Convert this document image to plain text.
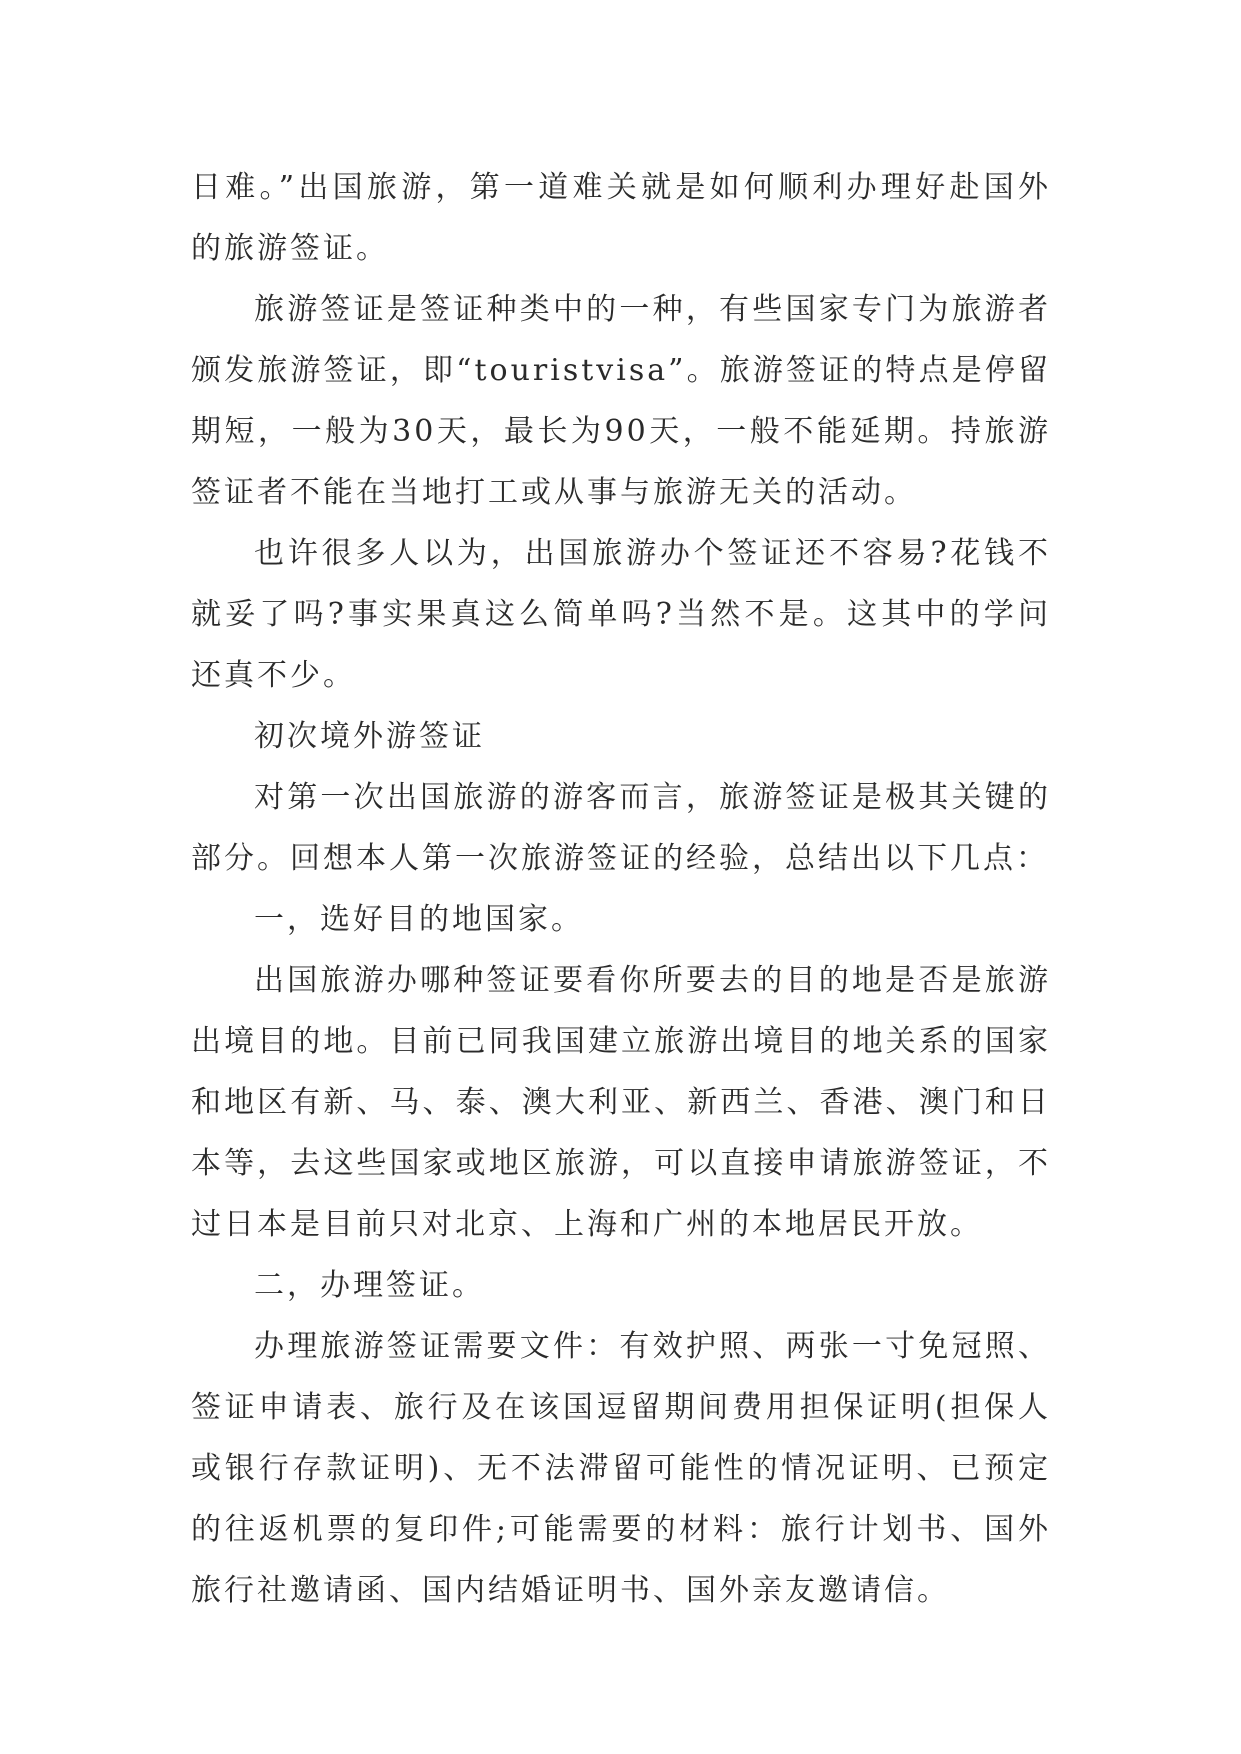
日难。”出国旅游，第一道难关就是如何顺利办理好赴国外的旅游签证。

旅游签证是签证种类中的一种，有些国家专门为旅游者颁发旅游签证，即“touristvisa”。旅游签证的特点是停留期短，一般为30天，最长为90天，一般不能延期。持旅游签证者不能在当地打工或从事与旅游无关的活动。

也许很多人以为，出国旅游办个签证还不容易?花钱不就妥了吗?事实果真这么简单吗?当然不是。这其中的学问还真不少。

初次境外游签证

对第一次出国旅游的游客而言，旅游签证是极其关键的部分。回想本人第一次旅游签证的经验，总结出以下几点：

一，选好目的地国家。

出国旅游办哪种签证要看你所要去的目的地是否是旅游出境目的地。目前已同我国建立旅游出境目的地关系的国家和地区有新、马、泰、澳大利亚、新西兰、香港、澳门和日本等，去这些国家或地区旅游，可以直接申请旅游签证，不过日本是目前只对北京、上海和广州的本地居民开放。

二，办理签证。

办理旅游签证需要文件：有效护照、两张一寸免冠照、签证申请表、旅行及在该国逗留期间费用担保证明(担保人或银行存款证明)、无不法滞留可能性的情况证明、已预定的往返机票的复印件;可能需要的材料：旅行计划书、国外旅行社邀请函、国内结婚证明书、国外亲友邀请信。
